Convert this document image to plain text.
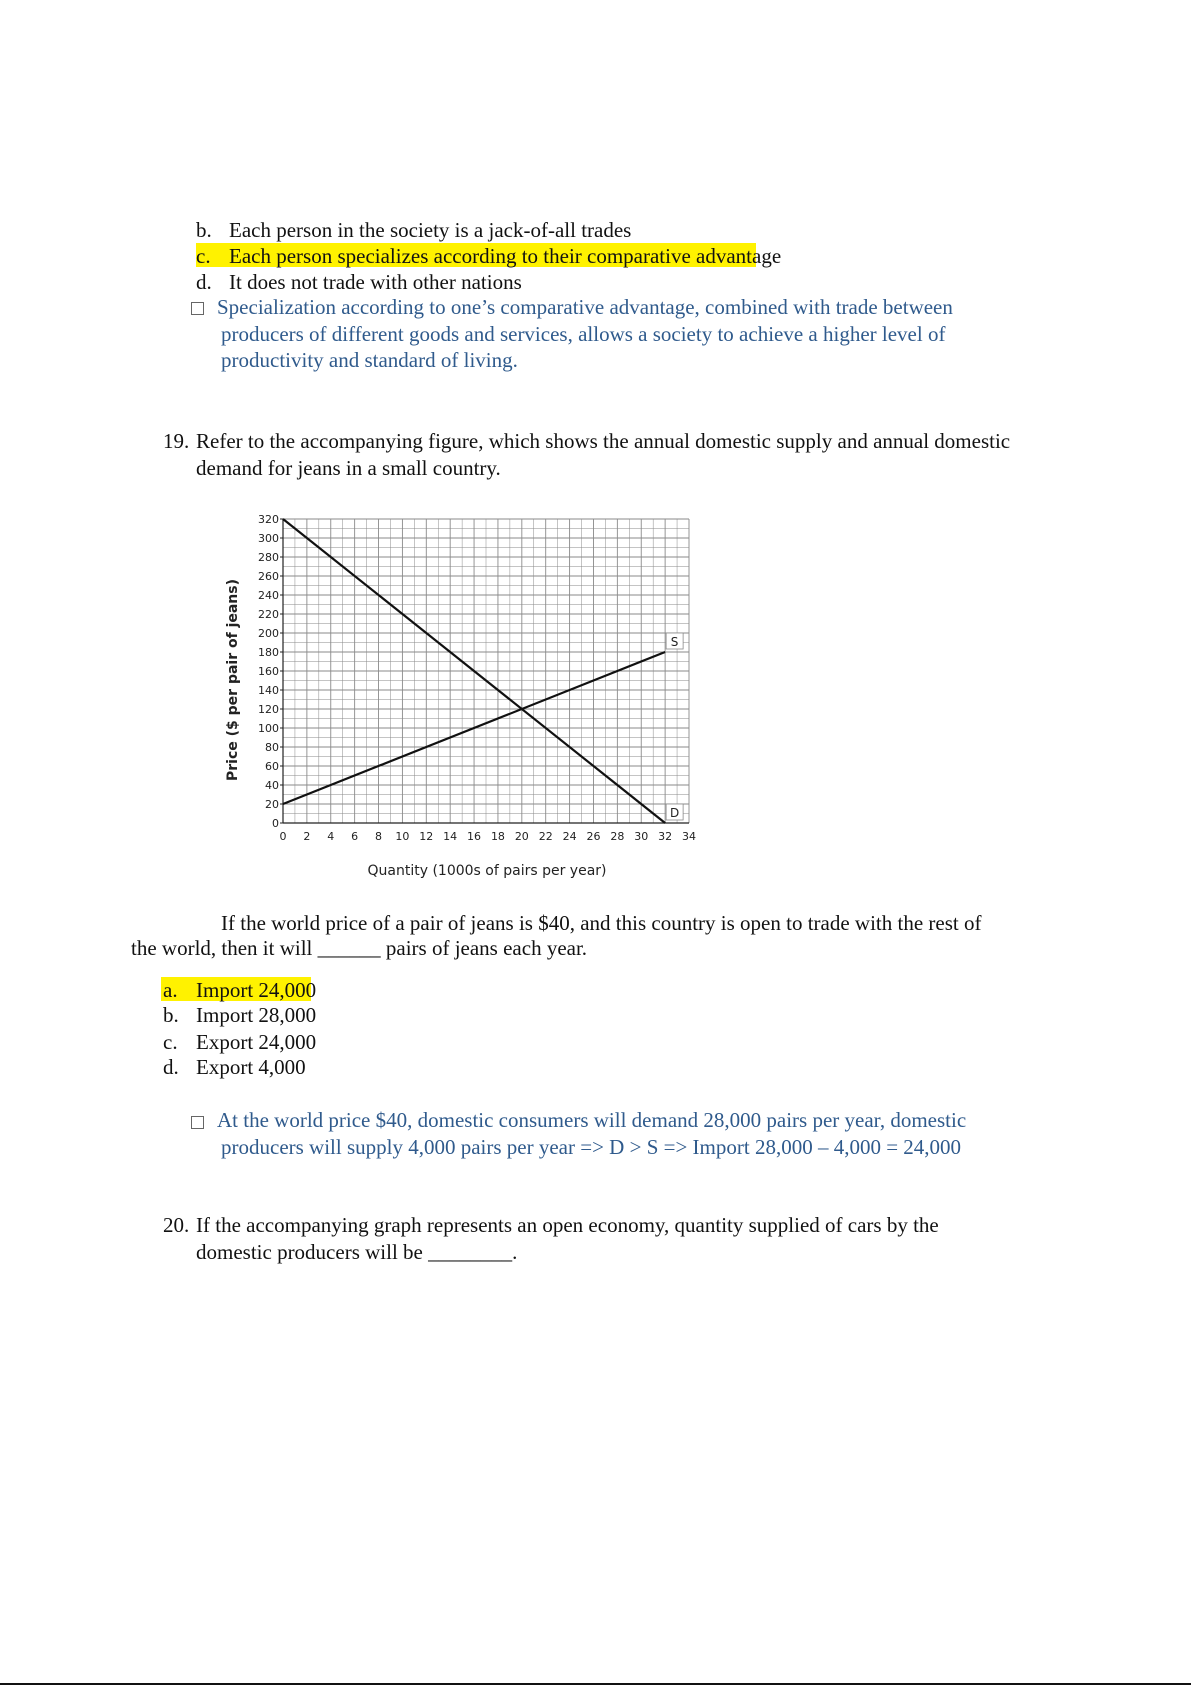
b. Each person in the society is a jack-of-all trades
c. Each person specializes according to their comparative advantage
d. It does not trade with other nations
Specialization according to one’s comparative advantage, combined with trade between
producers of different goods and services, allows a society to achieve a higher level of
productivity and standard of living.
19. Refer to the accompanying figure, which shows the annual domestic supply and annual domestic
demand for jeans in a small country.
0 2 4 6 8 10 12 14 16 18 20 22 24 26 28 30 32 34
0
20
40
60
80
100
120
140
160
180
200
220
240
260
280
300
320
D
S
Quantity (1000s of pairs per year)
Price ($ per pair of jeans)
If the world price of a pair of jeans is $40, and this country is open to trade with the rest of
the world, then it will ______ pairs of jeans each year.
a. Import 24,000
b. Import 28,000
c. Export 24,000
d. Export 4,000
At the world price $40, domestic consumers will demand 28,000 pairs per year, domestic
producers will supply 4,000 pairs per year => D > S => Import 28,000 – 4,000 = 24,000
20. If the accompanying graph represents an open economy, quantity supplied of cars by the
domestic producers will be ________.
